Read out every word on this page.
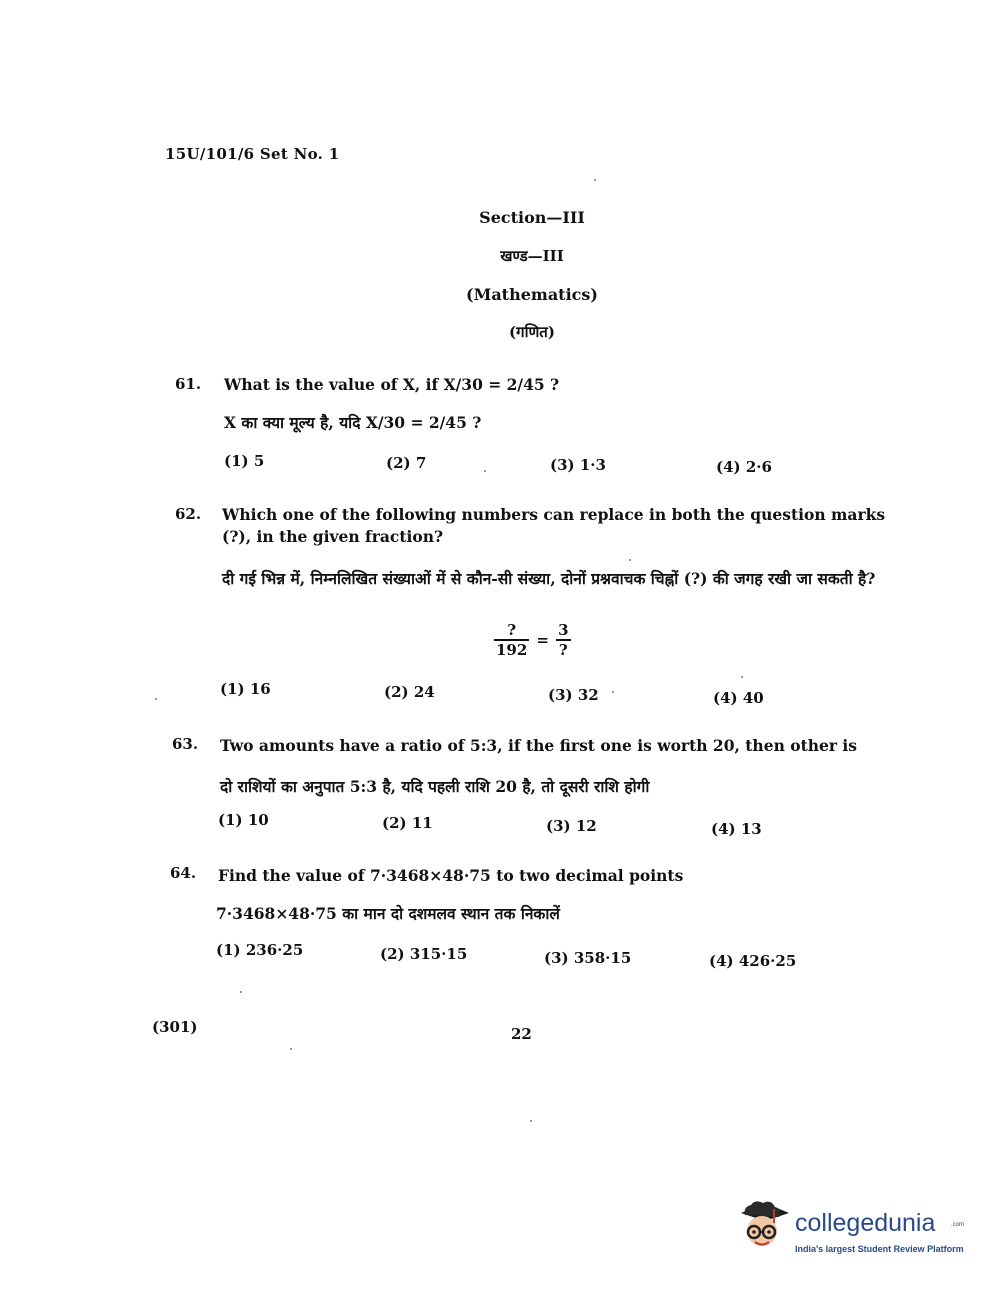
15U/101/6 Set No. 1
Section—III
खण्ड—III
(Mathematics)
(गणित)
61. What is the value of X, if X/30 = 2/45 ?
X का क्या मूल्य है, यदि X/30 = 2/45 ?
(1) 5	(2) 7	(3) 1·3	(4) 2·6
62. Which one of the following numbers can replace in both the question marks (?), in the given fraction?
दी गई भिन्न में, निम्नलिखित संख्याओं में से कौन-सी संख्या, दोनों प्रश्नवाचक चिह्नों (?) की जगह रखी जा सकती है?
$\frac{?}{192} = \frac{3}{?}$
(1) 16	(2) 24	(3) 32	(4) 40
63. Two amounts have a ratio of 5:3, if the first one is worth 20, then other is
दो राशियों का अनुपात 5:3 है, यदि पहली राशि 20 है, तो दूसरी राशि होगी
(1) 10	(2) 11	(3) 12	(4) 13
64. Find the value of 7·3468×48·75 to two decimal points
7·3468×48·75 का मान दो दशमलव स्थान तक निकालें
(1) 236·25	(2) 315·15	(3) 358·15	(4) 426·25
(301)	22
collegedunia	.com
India's largest Student Review Platform
